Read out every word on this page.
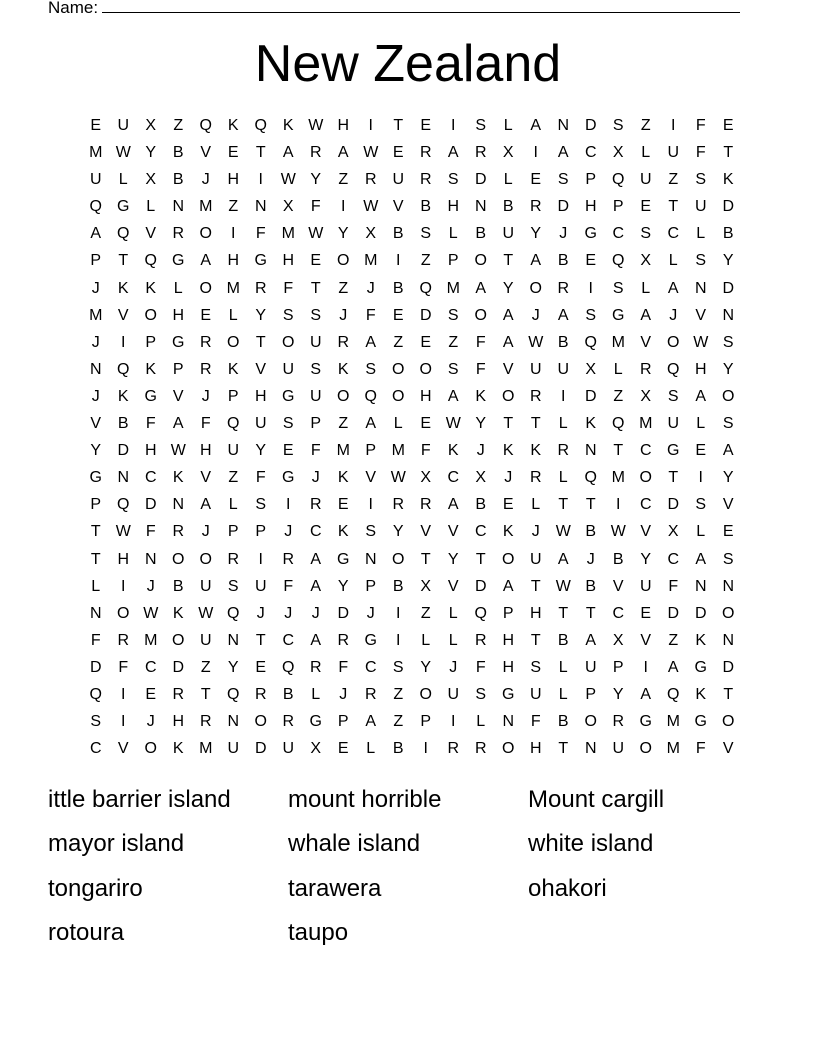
Name:
New Zealand
E	U	X	Z	Q K Q K W H	I	T	E	I	S	L	A	N D	S	Z	I	F	E
M W Y	B	V	E	T	A	R	A W E	R	A	R	X	I	A	C	X	L	U	F	T
U	L	X	B	J	H	I	W Y	Z	R U R	S	D	L	E	S	P Q U	Z	S	K
Q G	L	N M Z	N	X	F	I	W V	B	H N	B	R D H	P	E	T	U D
A Q V	R O	I	F M W Y	X	B	S	L	B	U	Y	J	G C	S	C	L	B
P	T	Q G A	H G H	E O M	I	Z	P O	T	A	B	E Q X	L	S	Y
J	K	K	L	O M R	F	T	Z	J	B Q M A	Y O R	I	S	L	A	N D
M V O H	E	L	Y	S	S	J	F	E	D	S O A	J	A	S G A	J	V	N
J	I	P G R O	T	O U R	A	Z	E	Z	F	A W B Q M V O W S
N Q K	P	R	K	V	U	S	K	S O O S	F	V	U U	X	L	R Q H	Y
J	K G V	J	P	H G U O Q O H	A	K O R	I	D	Z	X	S	A O
V	B	F	A	F	Q U	S	P	Z	A	L	E W Y	T	T	L	K Q M U	L	S
Y	D H W H U	Y	E	F M P M F	K	J	K	K	R N	T	C G E	A
G N C	K	V	Z	F	G	J	K	V W X	C	X	J	R	L	Q M O	T	I	Y
P Q D N	A	L	S	I	R	E	I	R R	A	B	E	L	T	T	I	C D	S	V
T W F	R	J	P	P	J	C	K	S	Y	V	V	C	K	J W B W V	X	L	E
T	H N O O R	I	R	A G N O	T	Y	T	O U	A	J	B	Y	C	A	S
L	I	J	B	U	S	U	F	A	Y	P	B	X	V	D	A	T W B	V	U	F	N N
N O W K W Q	J	J	J	D	J	I	Z	L	Q P	H	T	T	C	E	D D O
F	R M O U N	T	C	A	R G	I	L	L	R H	T	B	A	X	V	Z	K	N
D	F	C D	Z	Y	E Q R	F	C	S	Y	J	F	H	S	L	U	P	I	A G D
Q	I	E	R	T	Q R	B	L	J	R	Z	O U	S G U	L	P	Y	A Q K	T
S	I	J	H R N O R G P	A	Z	P	I	L	N	F	B O R G M G O
C	V O K M U D U	X	E	L	B	I	R R O H	T	N U O M F	V
ittle barrier island	mount horrible	Mount cargill
mayor island	whale island	white island
tongariro	tarawera	ohakori
rotoura	taupo
